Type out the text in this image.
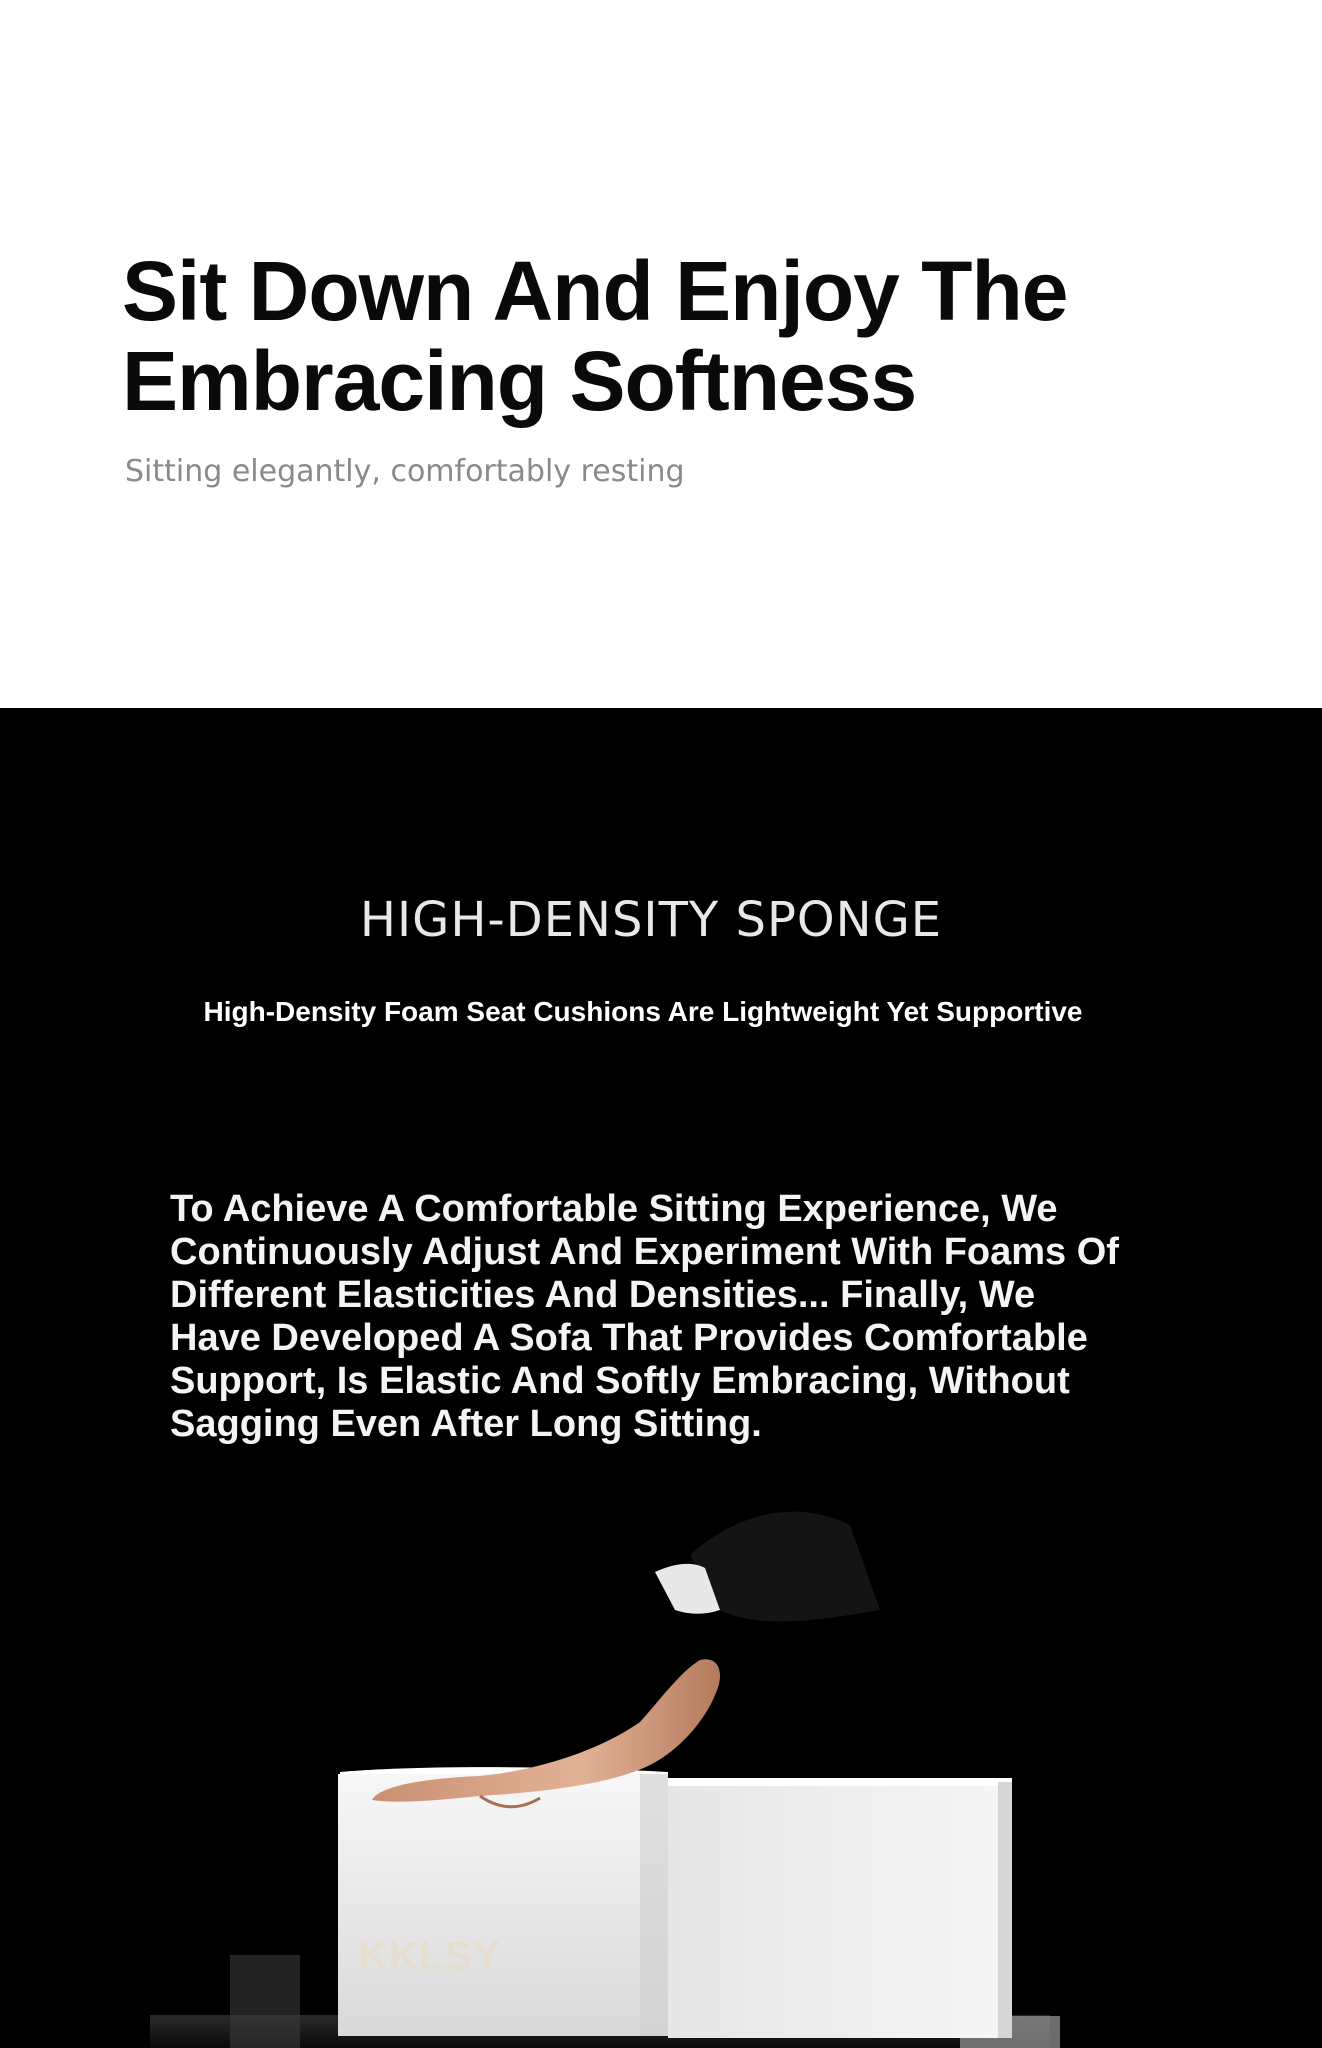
Sit Down And Enjoy The
Embracing Softness

Sitting elegantly, comfortably resting

HIGH-DENSITY SPONGE

High-Density Foam Seat Cushions Are Lightweight Yet Supportive

To Achieve A Comfortable Sitting Experience, We
Continuously Adjust And Experiment With Foams Of
Different Elasticities And Densities... Finally, We
Have Developed A Sofa That Provides Comfortable
Support, Is Elastic And Softly Embracing, Without
Sagging Even After Long Sitting.

KKLSY
